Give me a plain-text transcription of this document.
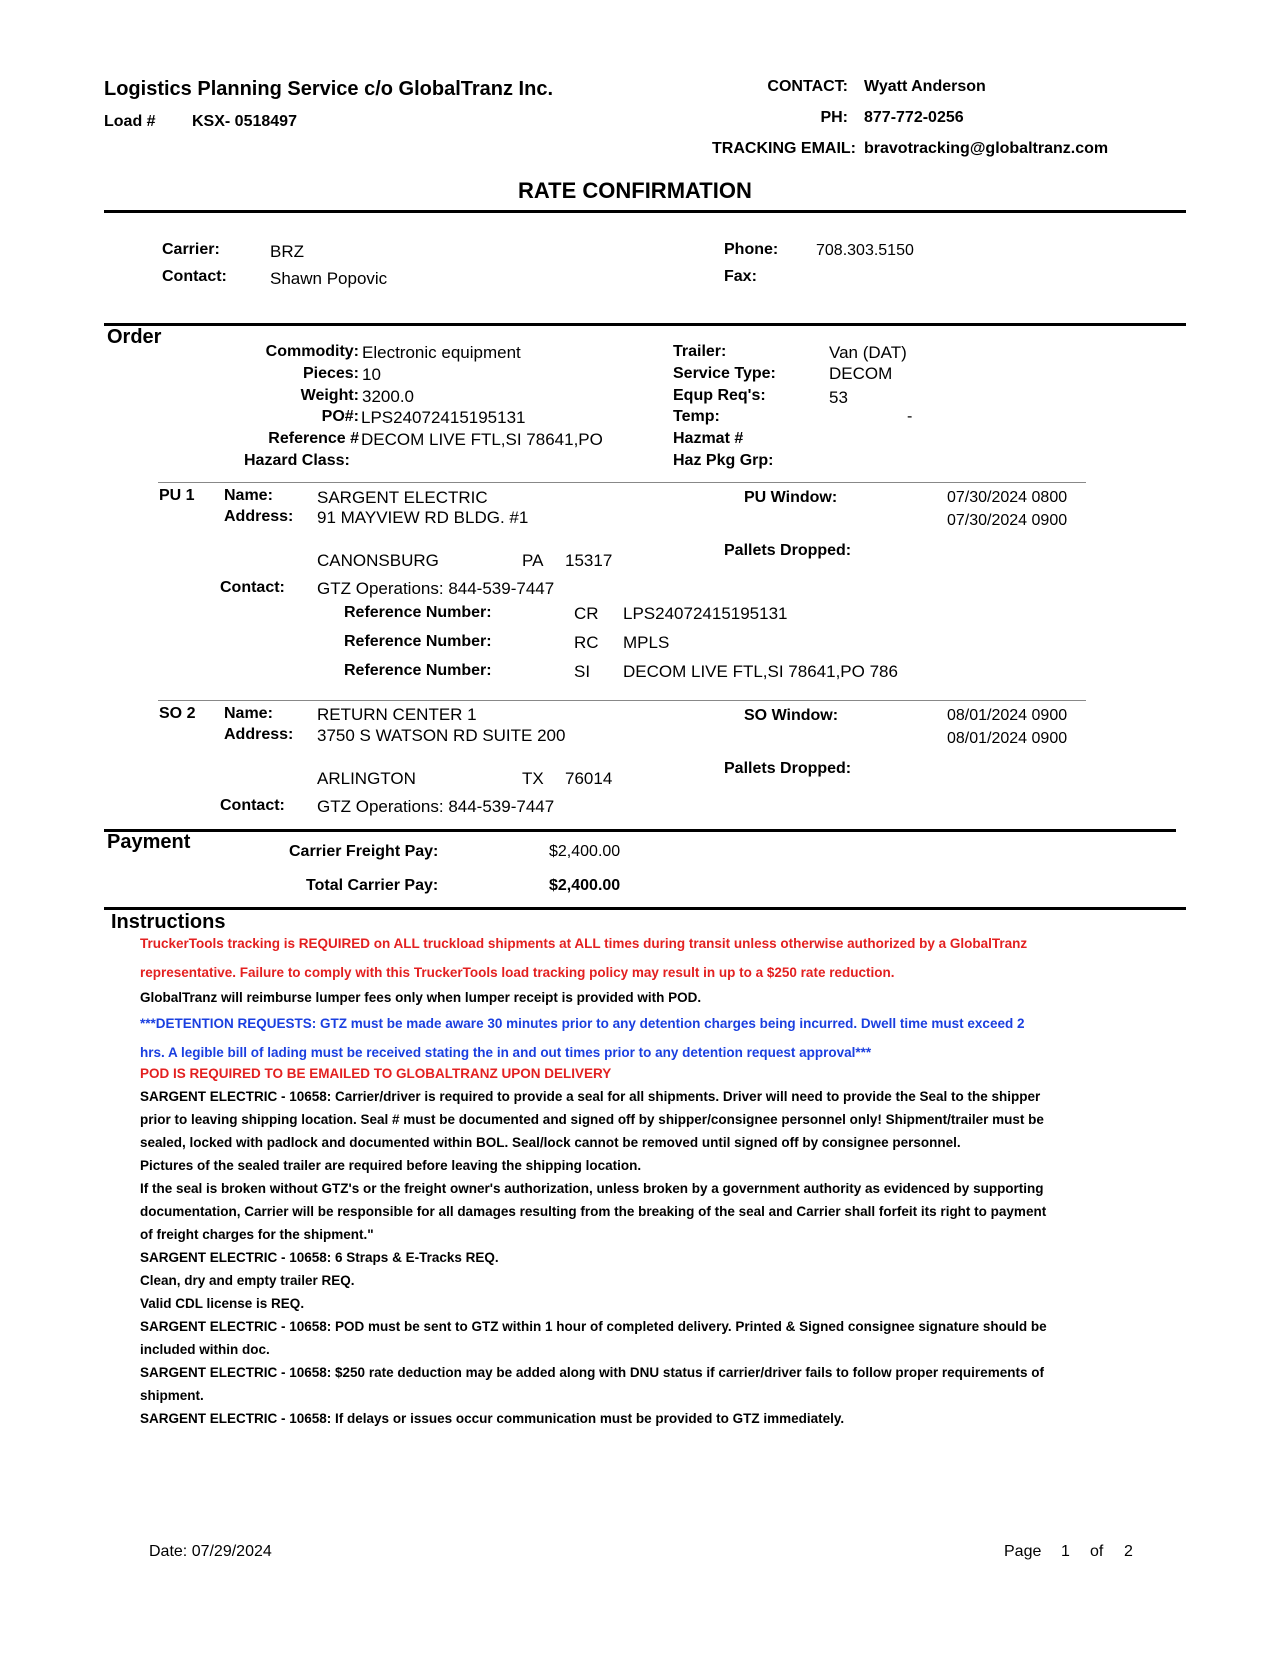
Logistics Planning Service c/o GlobalTranz Inc.
Load # KSX- 0518497
CONTACT: Wyatt Anderson
PH: 877-772-0256
TRACKING EMAIL: bravotracking@globaltranz.com
RATE CONFIRMATION
Carrier:	BRZ
Contact:	Shawn Popovic
Phone: 708.303.5150
Fax:
Order
Commodity: Electronic equipment
Pieces: 10
Weight: 3200.0
PO#: LPS24072415195131
Reference # DECOM LIVE FTL,SI 78641,PO
Hazard Class:
Trailer:	Van (DAT)
Service Type:	DECOM
Equp Req's:	53
Temp:	-
Hazmat #
Haz Pkg Grp:
PU 1 Name:	SARGENT ELECTRIC
Address: 91 MAYVIEW RD BLDG. #1
CANONSBURG	PA 15317
Contact: GTZ Operations: 844-539-7447
PU Window:	07/30/2024 0800
07/30/2024 0900
Pallets Dropped:
Reference Number:	CR LPS24072415195131
Reference Number:	RC MPLS
Reference Number:	SI DECOM LIVE FTL,SI 78641,PO 786
SO 2 Name:	RETURN CENTER 1
Address: 3750 S WATSON RD SUITE 200
ARLINGTON	TX 76014
Contact: GTZ Operations: 844-539-7447
SO Window:	08/01/2024 0900
08/01/2024 0900
Pallets Dropped:
Payment	Carrier Freight Pay:	$2,400.00
Total Carrier Pay:	$2,400.00
Instructions
TruckerTools tracking is REQUIRED on ALL truckload shipments at ALL times during transit unless otherwise authorized by a GlobalTranz
representative. Failure to comply with this TruckerTools load tracking policy may result in up to a $250 rate reduction.
GlobalTranz will reimburse lumper fees only when lumper receipt is provided with POD.
***DETENTION REQUESTS: GTZ must be made aware 30 minutes prior to any detention charges being incurred. Dwell time must exceed 2
hrs. A legible bill of lading must be received stating the in and out times prior to any detention request approval***
POD IS REQUIRED TO BE EMAILED TO GLOBALTRANZ UPON DELIVERY
SARGENT ELECTRIC - 10658: Carrier/driver is required to provide a seal for all shipments. Driver will need to provide the Seal to the shipper
prior to leaving shipping location. Seal # must be documented and signed off by shipper/consignee personnel only! Shipment/trailer must be
sealed, locked with padlock and documented within BOL. Seal/lock cannot be removed until signed off by consignee personnel.
Pictures of the sealed trailer are required before leaving the shipping location.
If the seal is broken without GTZ's or the freight owner's authorization, unless broken by a government authority as evidenced by supporting
documentation, Carrier will be responsible for all damages resulting from the breaking of the seal and Carrier shall forfeit its right to payment
of freight charges for the shipment."
SARGENT ELECTRIC - 10658: 6 Straps & E-Tracks REQ.
Clean, dry and empty trailer REQ.
Valid CDL license is REQ.
SARGENT ELECTRIC - 10658: POD must be sent to GTZ within 1 hour of completed delivery. Printed & Signed consignee signature should be
included within doc.
SARGENT ELECTRIC - 10658: $250 rate deduction may be added along with DNU status if carrier/driver fails to follow proper requirements of
shipment.
SARGENT ELECTRIC - 10658: If delays or issues occur communication must be provided to GTZ immediately.
Date: 07/29/2024	Page 1 of 2
